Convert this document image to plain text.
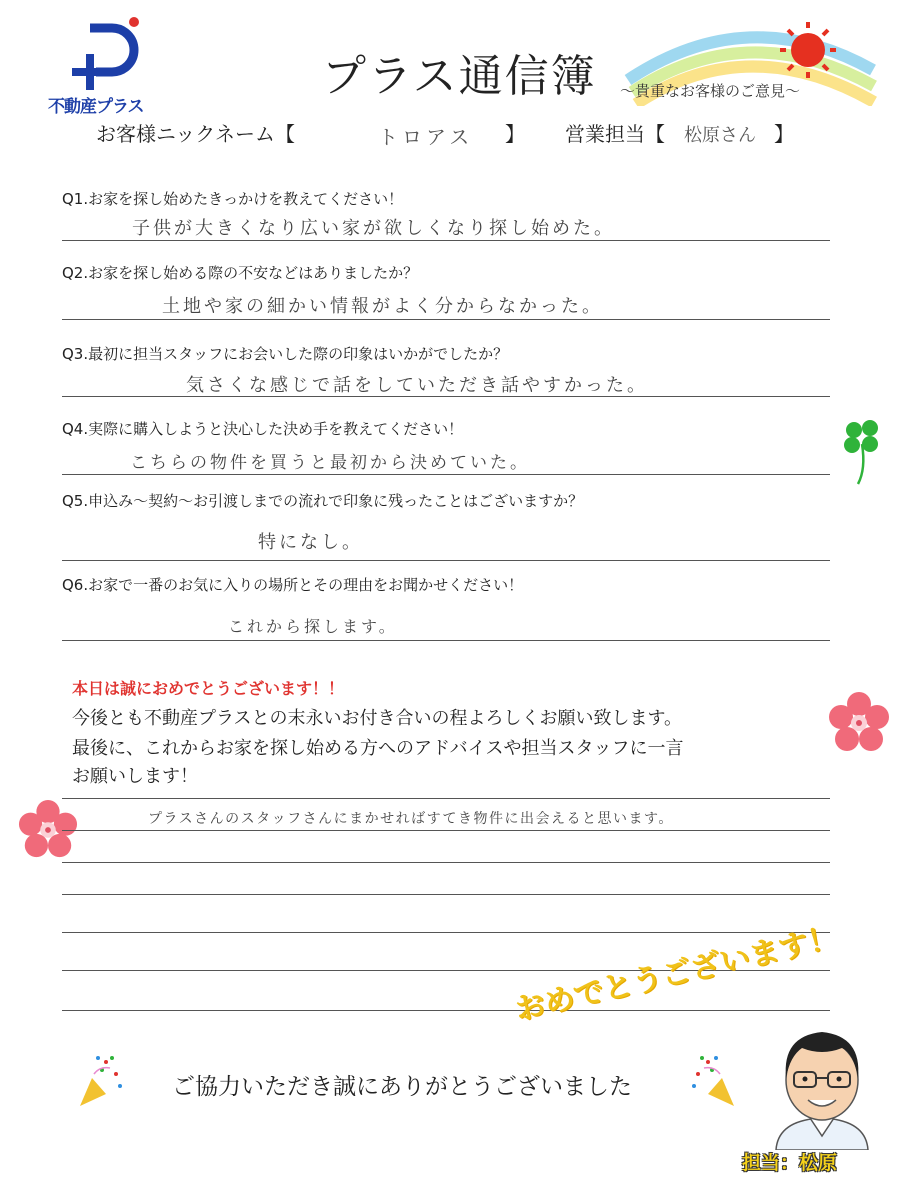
不動産プラス
プラス通信簿 〜貴重なお客様のご意見〜
お客様ニックネーム【	トロアス 】 営業担当【 松原さん 】
Q1.お家を探し始めたきっかけを教えてください！
子供が大きくなり広い家が欲しくなり探し始めた。
Q2.お家を探し始める際の不安などはありましたか？
土地や家の細かい情報がよく分からなかった。
Q3.最初に担当スタッフにお会いした際の印象はいかがでしたか？
気さくな感じで話をしていただき話やすかった。
Q4.実際に購入しようと決心した決め手を教えてください！
こちらの物件を買うと最初から決めていた。
Q5.申込み〜契約〜お引渡しまでの流れで印象に残ったことはございますか？
特になし。
Q6.お家で一番のお気に入りの場所とその理由をお聞かせください！
これから探します。
本日は誠におめでとうございます！！
今後とも不動産プラスとの末永いお付き合いの程よろしくお願い致します。
最後に、これからお家を探し始める方へのアドバイスや担当スタッフに一言
お願いします！
プラスさんのスタッフさんにまかせればすてき物件に出会えると思います。
おめでとうございます！
ご協力いただき誠にありがとうございました
担当：松原
